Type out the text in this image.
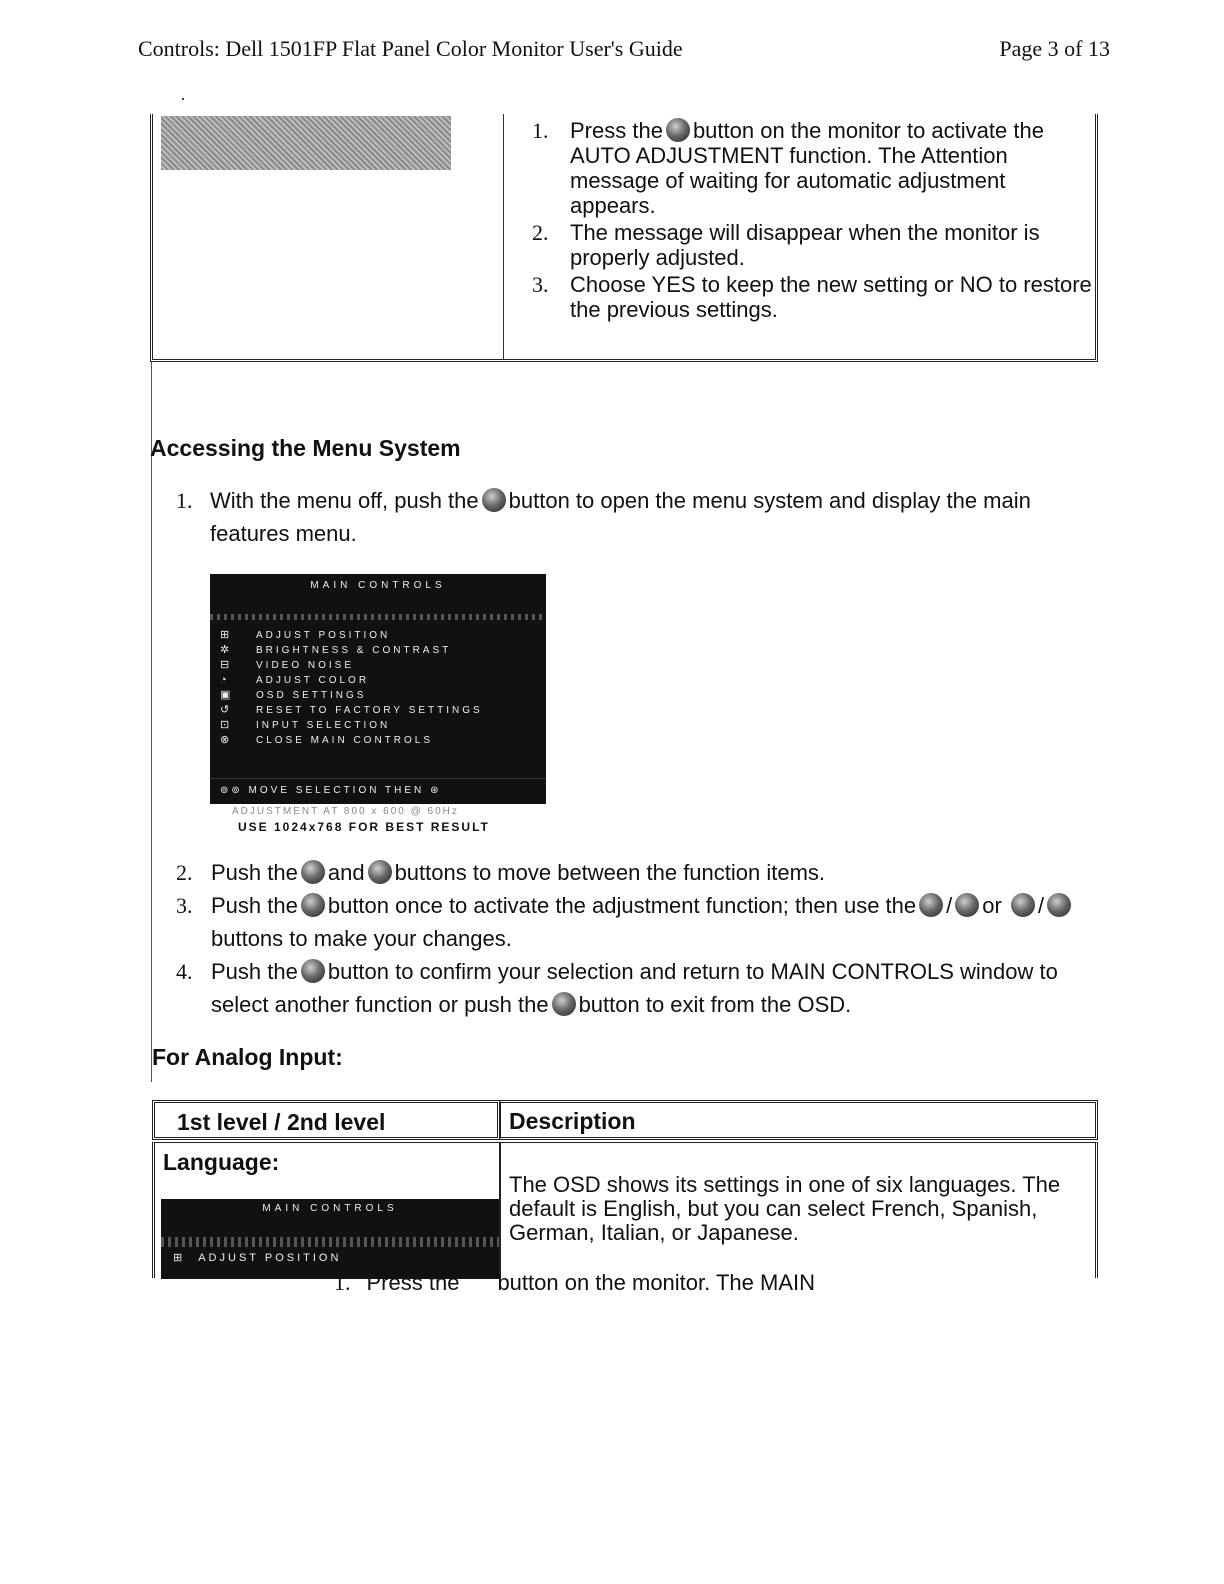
Controls: Dell 1501FP Flat Panel Color Monitor User's Guide	Page 3 of 13
1. Press the button on the monitor to activate the AUTO ADJUSTMENT function. The Attention message of waiting for automatic adjustment appears.
2. The message will disappear when the monitor is properly adjusted.
3. Choose YES to keep the new setting or NO to restore the previous settings.
Accessing the Menu System
1. With the menu off, push the button to open the menu system and display the main features menu.
MAIN CONTROLS
⊞	ADJUST POSITION
✲	BRIGHTNESS & CONTRAST
⊟	VIDEO NOISE
◔	ADJUST COLOR
▣	OSD SETTINGS
↺	RESET TO FACTORY SETTINGS
⊡	INPUT SELECTION
⊗	CLOSE MAIN CONTROLS
⊚⊚ MOVE SELECTION THEN ⊛
ADJUSTMENT AT 800 x 600 @ 60Hz
USE 1024x768 FOR BEST RESULT
2. Push the and buttons to move between the function items.
3. Push the button once to activate the adjustment function; then use the / or /buttons to make your changes.
4. Push the button to confirm your selection and return to MAIN CONTROLS window to select another function or push the button to exit from the OSD.
For Analog Input:
1st level / 2nd level	Description
Language:
MAIN CONTROLS
⊞ ADJUST POSITION
The OSD shows its settings in one of six languages. The default is English, but you can select French, Spanish, German, Italian, or Japanese.
1. Press the button on the monitor. The MAIN
